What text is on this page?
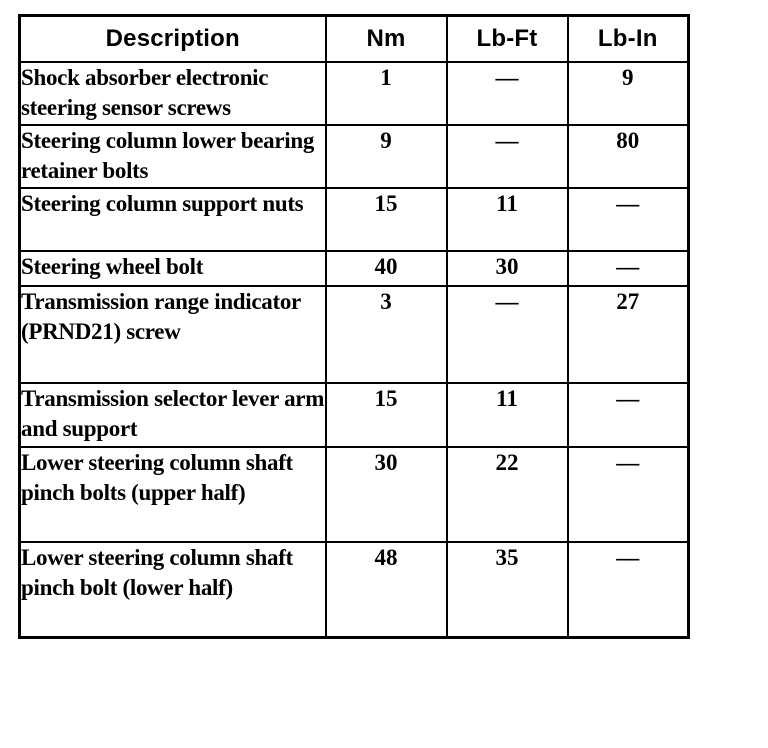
Description	Nm	Lb-Ft	Lb-In
Shock absorber electronic steering sensor screws	1	—	9
Steering column lower bearing retainer bolts	9	—	80
Steering column support nuts	15	11	—
Steering wheel bolt	40	30	—
Transmission range indicator (PRND21) screw	3	—	27
Transmission selector lever arm and support	15	11	—
Lower steering column shaft pinch bolts (upper half)	30	22	—
Lower steering column shaft pinch bolt (lower half)	48	35	—
